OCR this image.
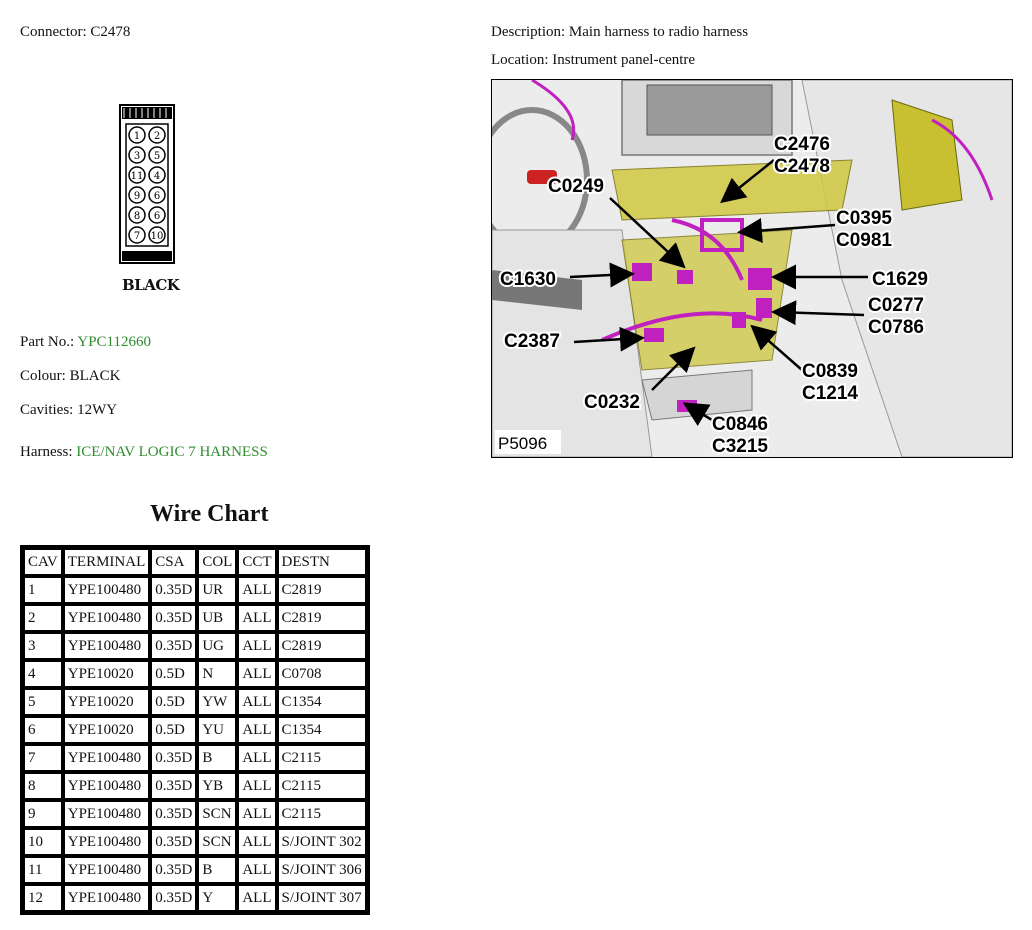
Connector: C2478	Description: Main harness to radio harness
Location: Instrument panel-centre
1
3
11
9
8
7
2
5
4
6
6
10
BLACK
Part No.: YPC112660
Colour: BLACK
Cavities: 12WY
Harness: ICE/NAV LOGIC 7 HARNESS
Wire Chart
CAV	TERMINAL	CSA	COL	CCT	DESTN
1	YPE100480	0.35D	UR	ALL	C2819
2	YPE100480	0.35D	UB	ALL	C2819
3	YPE100480	0.35D	UG	ALL	C2819
4	YPE10020	0.5D	N	ALL	C0708
5	YPE10020	0.5D	YW	ALL	C1354
6	YPE10020	0.5D	YU	ALL	C1354
7	YPE100480	0.35D	B	ALL	C2115
8	YPE100480	0.35D	YB	ALL	C2115
9	YPE100480	0.35D	SCN	ALL	C2115
10	YPE100480	0.35D	SCN	ALL	S/JOINT 302
11	YPE100480	0.35D	B	ALL	S/JOINT 306
12	YPE100480	0.35D	Y	ALL	S/JOINT 307
C0249
C2476
C2478
C0395
C0981
C1630	C1629
C0277
C0786
C2387
C0839
C1214
C0232
C0846
C3215
P5096
